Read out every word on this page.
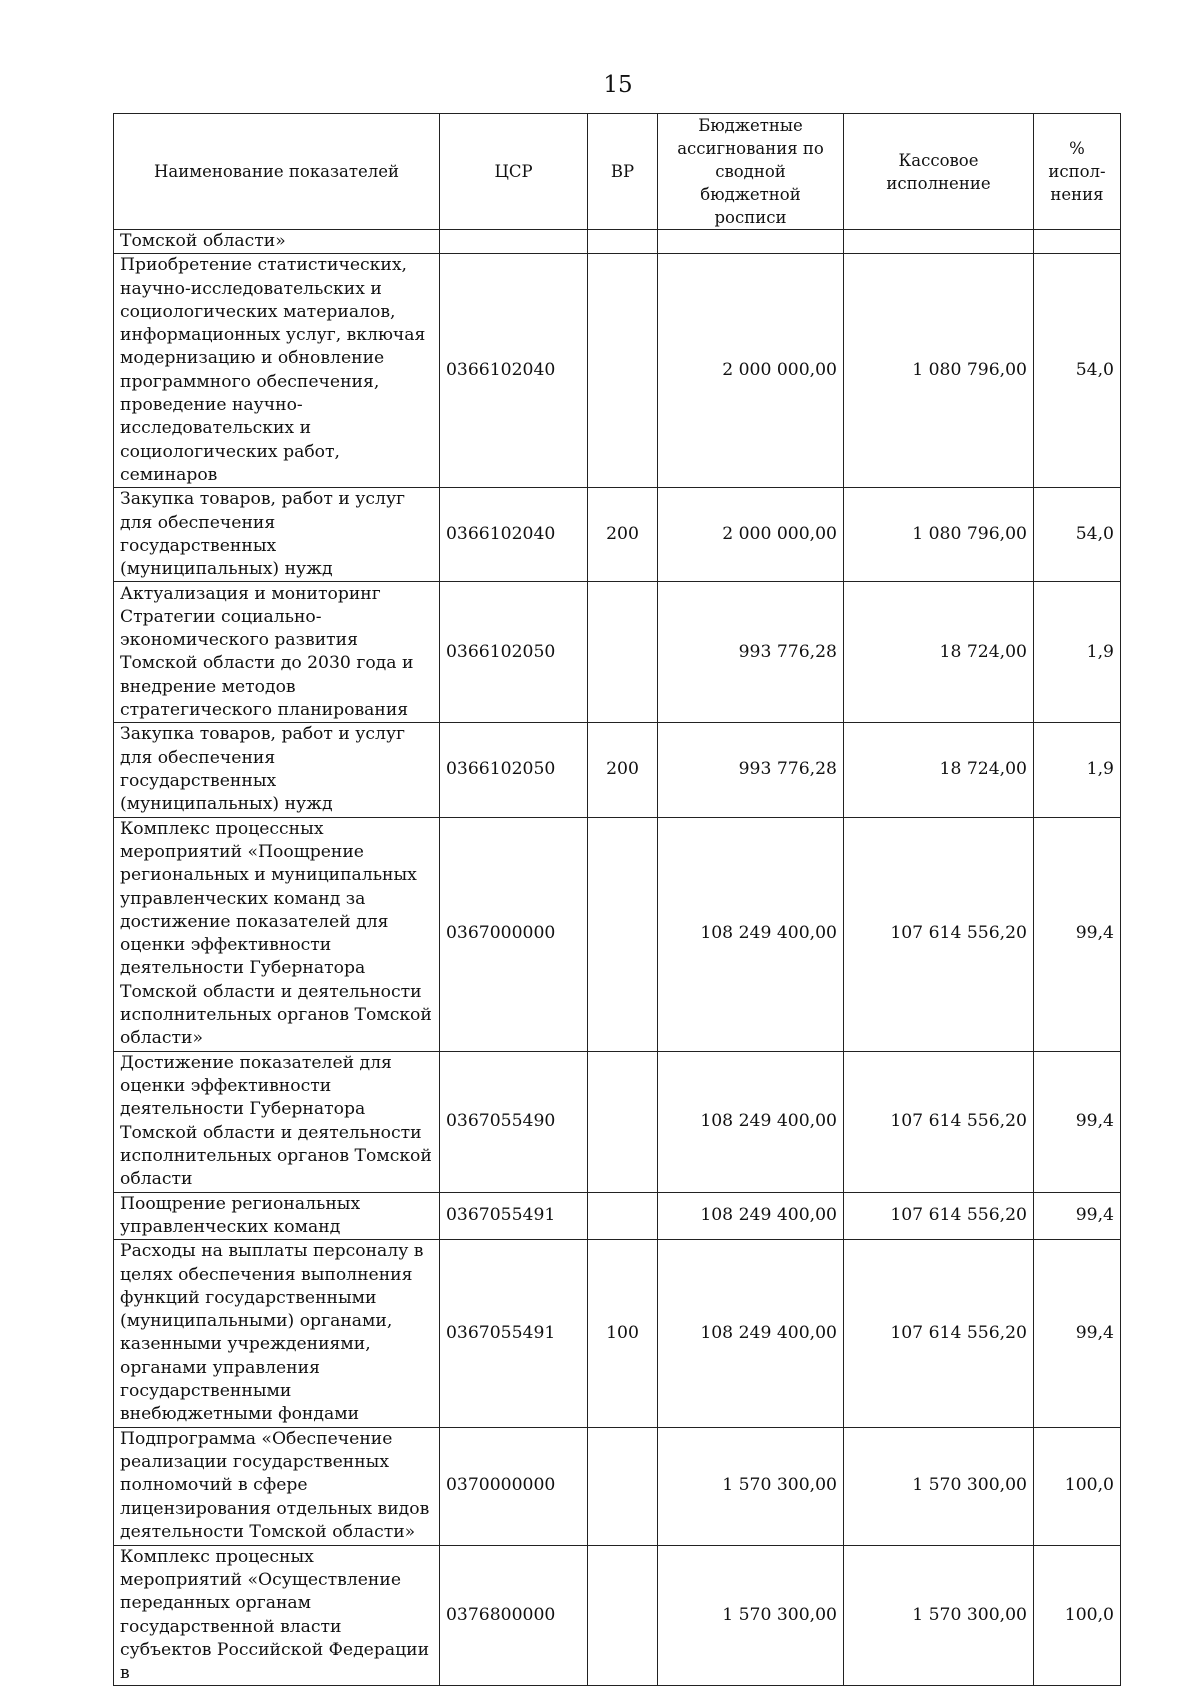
15
Наименование показателей	ЦСР	ВР	Бюджетные ассигнования по сводной бюджетной росписи	Кассовое исполнение	% испол-нения
Томской области»					
Приобретение статистических, научно-исследовательских и социологических материалов, информационных услуг, включая модернизацию и обновление программного обеспечения, проведение научно-исследовательских и социологических работ, семинаров	0366102040		2 000 000,00	1 080 796,00	54,0
Закупка товаров, работ и услуг для обеспечения государственных (муниципальных) нужд	0366102040	200	2 000 000,00	1 080 796,00	54,0
Актуализация и мониторинг Стратегии социально-экономического развития Томской области до 2030 года и внедрение методов стратегического планирования	0366102050		993 776,28	18 724,00	1,9
Закупка товаров, работ и услуг для обеспечения государственных (муниципальных) нужд	0366102050	200	993 776,28	18 724,00	1,9
Комплекс процессных мероприятий «Поощрение региональных и муниципальных управленческих команд за достижение показателей для оценки эффективности деятельности Губернатора Томской области и деятельности исполнительных органов Томской области»	0367000000		108 249 400,00	107 614 556,20	99,4
Достижение показателей для оценки эффективности деятельности Губернатора Томской области и деятельности исполнительных органов Томской области	0367055490		108 249 400,00	107 614 556,20	99,4
Поощрение региональных управленческих команд	0367055491		108 249 400,00	107 614 556,20	99,4
Расходы на выплаты персоналу в целях обеспечения выполнения функций государственными (муниципальными) органами, казенными учреждениями, органами управления государственными внебюджетными фондами	0367055491	100	108 249 400,00	107 614 556,20	99,4
Подпрограмма «Обеспечение реализации государственных полномочий в сфере лицензирования отдельных видов деятельности Томской области»	0370000000		1 570 300,00	1 570 300,00	100,0
Комплекс процесных мероприятий «Осуществление переданных органам государственной власти субъектов Российской Федерации в	0376800000		1 570 300,00	1 570 300,00	100,0
